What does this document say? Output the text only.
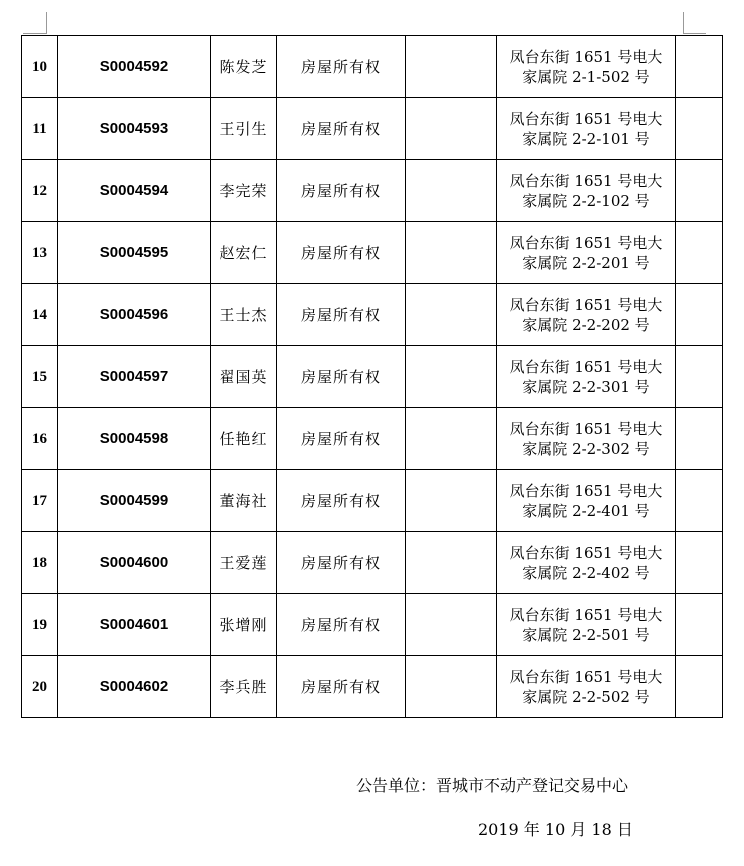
10	S0004592	陈发芝	房屋所有权		凤台东街 1651 号电大
家属院 2-1-502 号	

11	S0004593	王引生	房屋所有权		凤台东街 1651 号电大
家属院 2-2-101 号	

12	S0004594	李完荣	房屋所有权		凤台东街 1651 号电大
家属院 2-2-102 号	

13	S0004595	赵宏仁	房屋所有权		凤台东街 1651 号电大
家属院 2-2-201 号	

14	S0004596	王士杰	房屋所有权		凤台东街 1651 号电大
家属院 2-2-202 号	

15	S0004597	翟国英	房屋所有权		凤台东街 1651 号电大
家属院 2-2-301 号	

16	S0004598	任艳红	房屋所有权		凤台东街 1651 号电大
家属院 2-2-302 号	

17	S0004599	董海社	房屋所有权		凤台东街 1651 号电大
家属院 2-2-401 号	

18	S0004600	王爱莲	房屋所有权		凤台东街 1651 号电大
家属院 2-2-402 号	

19	S0004601	张增刚	房屋所有权		凤台东街 1651 号电大
家属院 2-2-501 号	

20	S0004602	李兵胜	房屋所有权		凤台东街 1651 号电大
家属院 2-2-502 号	

公告单位：晋城市不动产登记交易中心
2019 年 10 月 18 日
